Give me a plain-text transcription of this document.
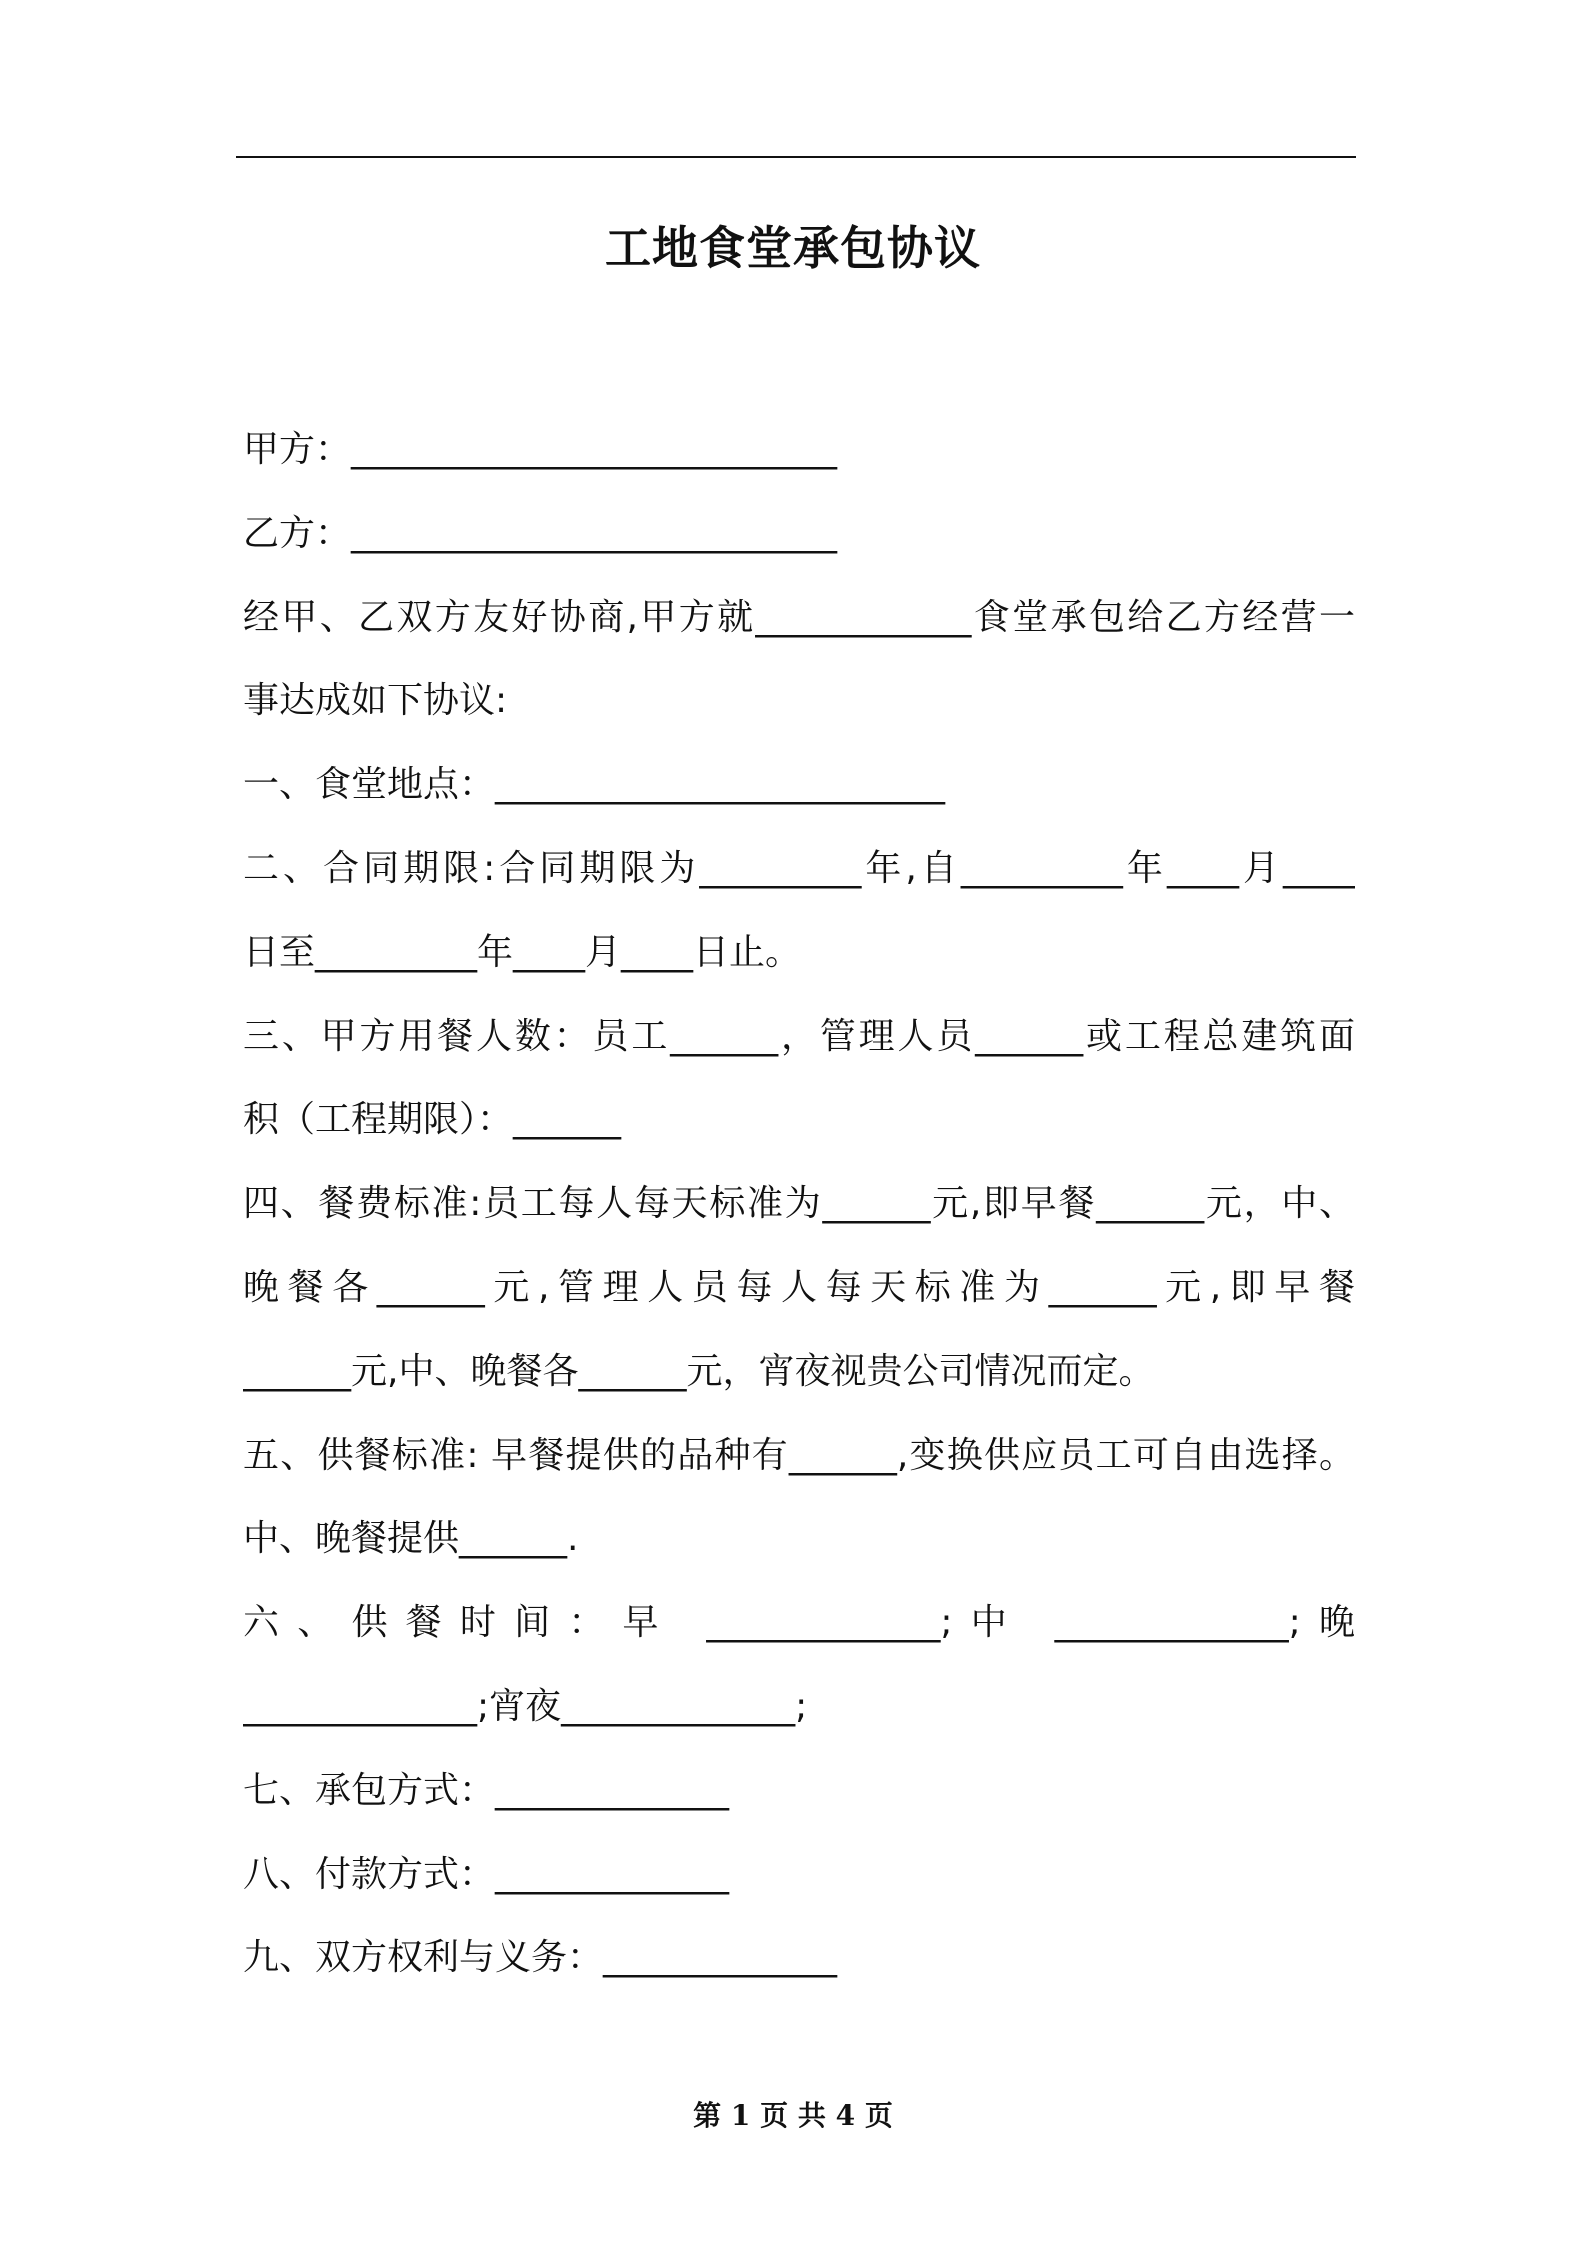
工地食堂承包协议
甲方：___________________________
乙方：___________________________
经甲、乙双方友好协商,甲方就____________食堂承包给乙方经营一
事达成如下协议:
一、食堂地点：_________________________
二、合同期限:合同期限为_________年,自_________年____月____
日至_________年____月____日止。
三、甲方用餐人数：员工______，管理人员______或工程总建筑面
积（工程期限）：______
四、餐费标准:员工每人每天标准为______元,即早餐______元，中、
晚餐各______元,管理人员每人每天标准为______元,即早餐
______元,中、晚餐各______元，宵夜视贵公司情况而定。
五、供餐标准: 早餐提供的品种有______,变换供应员工可自由选择。
中、晚餐提供______.
六、供餐时间：早 _____________;中 _____________;晚
_____________;宵夜_____________;
七、承包方式：_____________
八、付款方式：_____________
九、双方权利与义务：_____________
第 1 页 共 4 页
